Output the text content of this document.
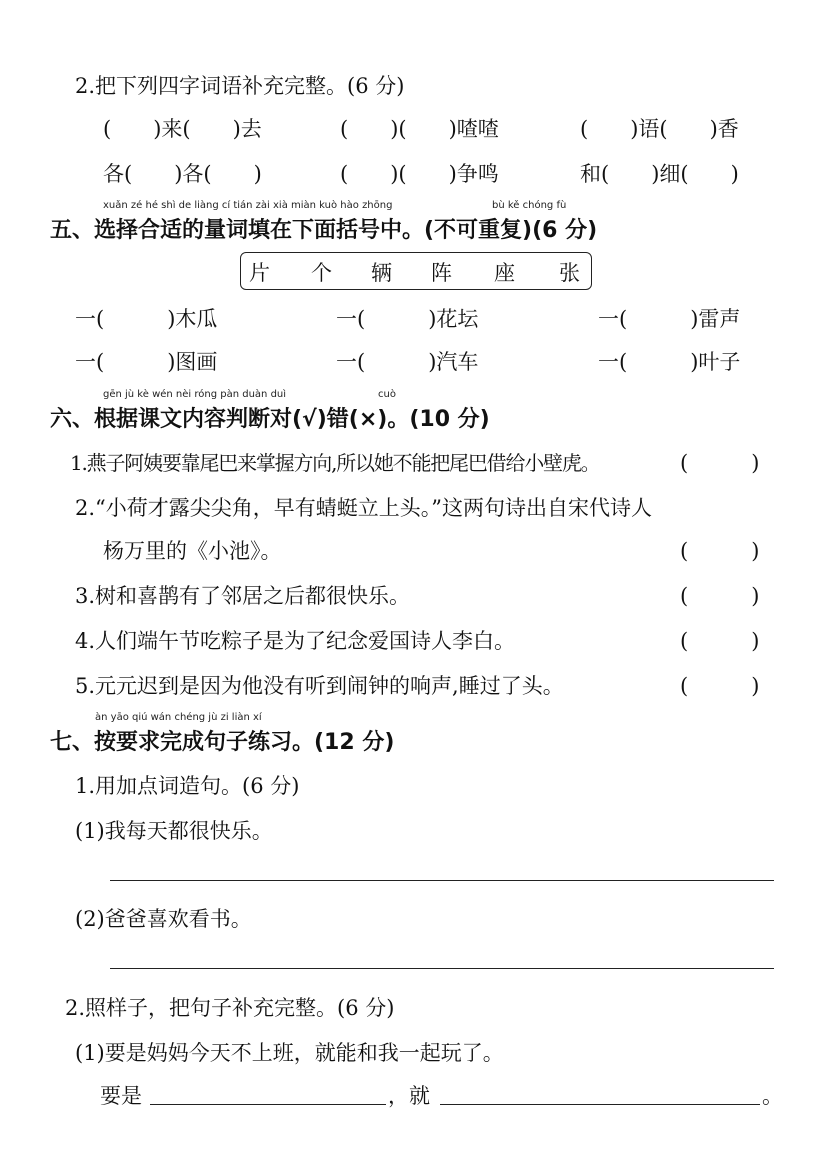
2.把下列四字词语补充完整。(6 分)
(　　)来(　　)去	(　　)(　　)喳喳	(　　)语(　　)香
各(　　)各(　　)	(　　)(　　)争鸣	和(　　)细(　　)
xuǎn zé hé shì de liàng cí tián zài xià miàn kuò hào zhōng	bù kě chóng fù
五、选择合适的量词填在下面括号中。(不可重复)(6 分)
片 个 辆 阵 座 张
一(　　　)木瓜	一(　　　)花坛	一(　　　)雷声
一(　　　)图画	一(　　　)汽车	一(　　　)叶子
gēn jù kè wén nèi róng pàn duàn duì	cuò
六、根据课文内容判断对(√)错(×)。(10 分)
1.燕子阿姨要靠尾巴来掌握方向,所以她不能把尾巴借给小壁虎。	(　　　)
2.“小荷才露尖尖角，早有蜻蜓立上头。”这两句诗出自宋代诗人
杨万里的《小池》。	(　　　)
3.树和喜鹊有了邻居之后都很快乐。	(　　　)
4.人们端午节吃粽子是为了纪念爱国诗人李白。	(　　　)
5.元元迟到是因为他没有听到闹钟的响声,睡过了头。	(　　　)
àn yāo qiú wán chéng jù zi liàn xí
七、按要求完成句子练习。(12 分)
1.用加点词造句。(6 分)
(1)我每天都很快乐。
(2)爸爸喜欢看书。
2.照样子，把句子补充完整。(6 分)
(1)要是妈妈今天不上班，就能和我一起玩了。
要是	，就	。
